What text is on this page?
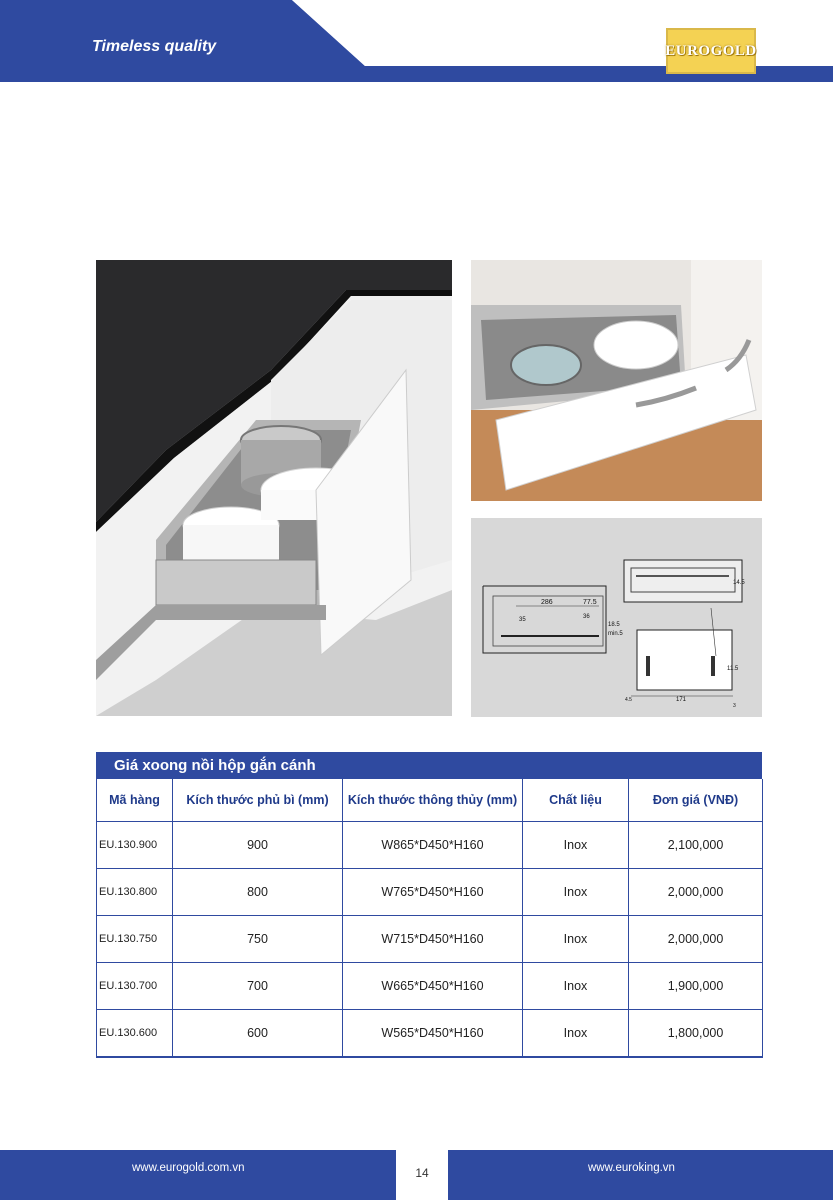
Timeless quality	EUROGOLD
286	77.5
35	36
18.5
min.5
14.5
171
11.5
4.5
3
Giá xoong nồi hộp gắn cánh
Mã hàng	Kích thước phủ bì (mm)	Kích thước thông thủy (mm)	Chất liệu	Đơn giá (VNĐ)
EU.130.900	900	W865*D450*H160	Inox	2,100,000
EU.130.800	800	W765*D450*H160	Inox	2,000,000
EU.130.750	750	W715*D450*H160	Inox	2,000,000
EU.130.700	700	W665*D450*H160	Inox	1,900,000
EU.130.600	600	W565*D450*H160	Inox	1,800,000
www.eurogold.com.vn	14	www.euroking.vn
